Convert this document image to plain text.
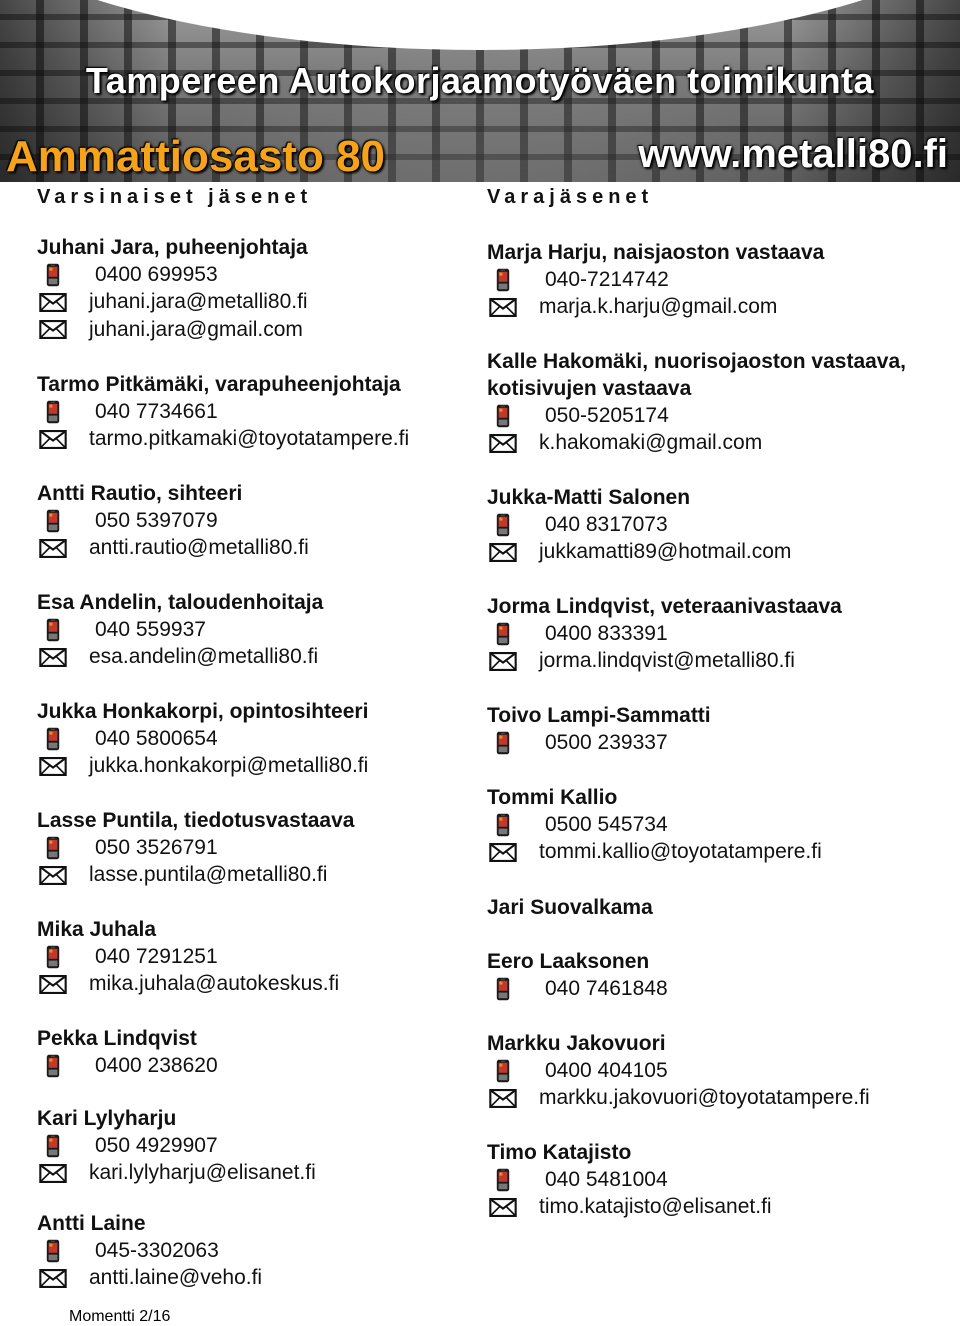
Tampereen Autokorjaamotyöväen toimikunta
Ammattiosasto 80	www.metalli80.fi
Varsinaiset jäsenet	Varajäsenet
Juhani Jara, puheenjohtaja
0400 699953
juhani.jara@metalli80.fi
juhani.jara@gmail.com
Tarmo Pitkämäki, varapuheenjohtaja
040 7734661
tarmo.pitkamaki@toyotatampere.fi
Antti Rautio, sihteeri
050 5397079
antti.rautio@metalli80.fi
Esa Andelin, taloudenhoitaja
040 559937
esa.andelin@metalli80.fi
Jukka Honkakorpi, opintosihteeri
040 5800654
jukka.honkakorpi@metalli80.fi
Lasse Puntila, tiedotusvastaava
050 3526791
lasse.puntila@metalli80.fi
Mika Juhala
040 7291251
mika.juhala@autokeskus.fi
Pekka Lindqvist
0400 238620
Kari Lylyharju
050 4929907
kari.lylyharju@elisanet.fi
Antti Laine
045-3302063
antti.laine@veho.fi
Marja Harju, naisjaoston vastaava
040-7214742
marja.k.harju@gmail.com
Kalle Hakomäki, nuorisojaoston vastaava,
kotisivujen vastaava
050-5205174
k.hakomaki@gmail.com
Jukka-Matti Salonen
040 8317073
jukkamatti89@hotmail.com
Jorma Lindqvist, veteraanivastaava
0400 833391
jorma.lindqvist@metalli80.fi
Toivo Lampi-Sammatti
0500 239337
Tommi Kallio
0500 545734
tommi.kallio@toyotatampere.fi
Jari Suovalkama
Eero Laaksonen
040 7461848
Markku Jakovuori
0400 404105
markku.jakovuori@toyotatampere.fi
Timo Katajisto
040 5481004
timo.katajisto@elisanet.fi
Momentti 2/16
